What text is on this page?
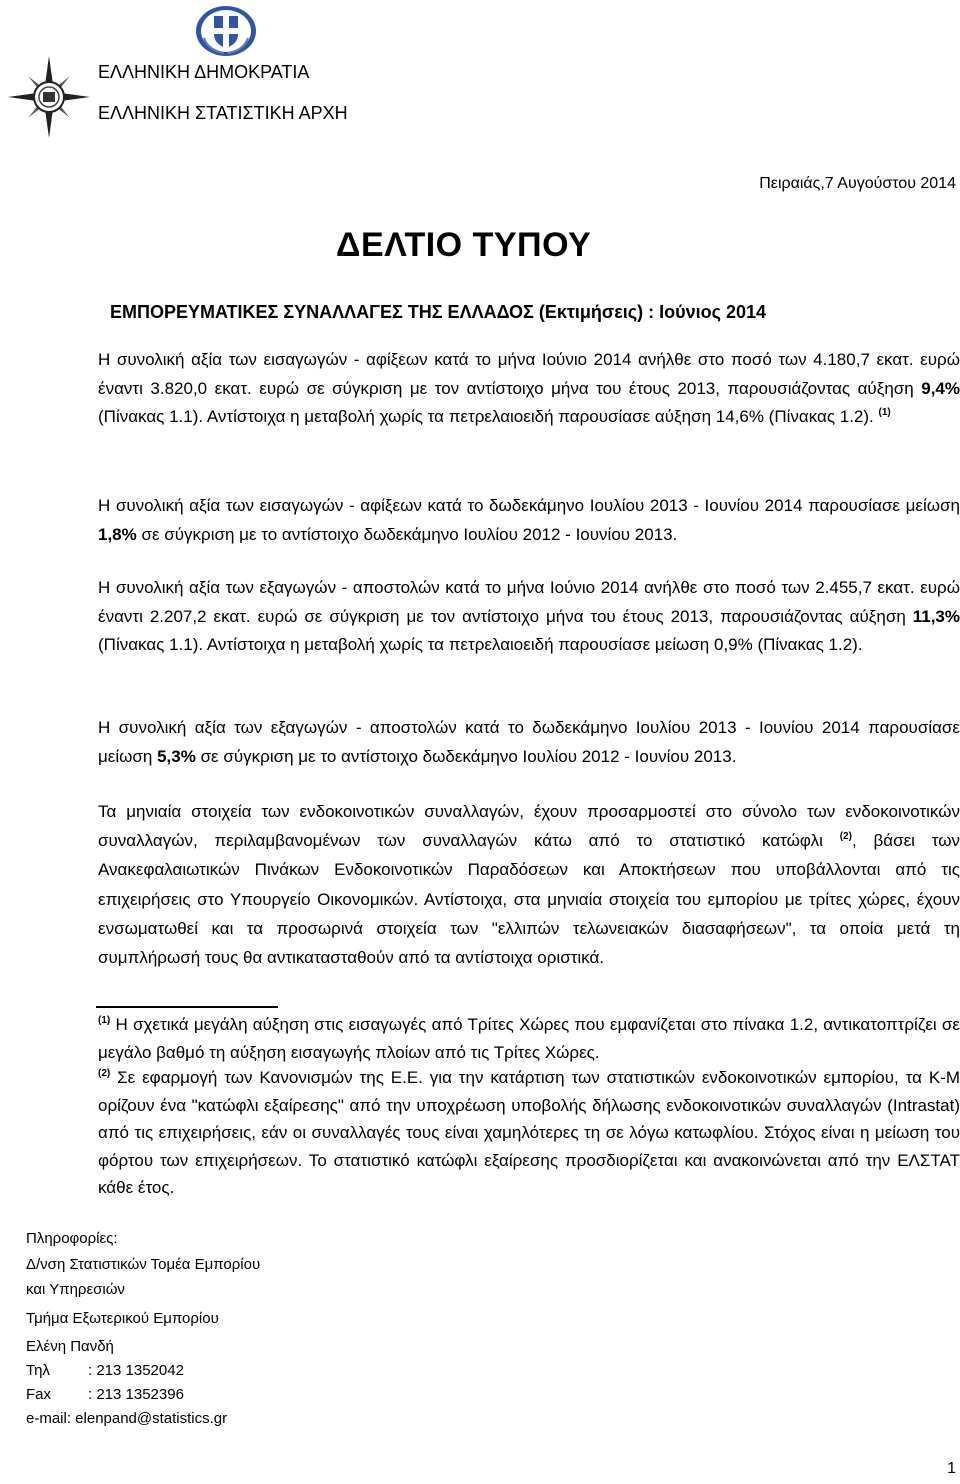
ΕΛΛΗΝΙΚΗ ΔΗΜΟΚΡΑΤΙΑ
ΕΛΛΗΝΙΚΗ ΣΤΑΤΙΣΤΙΚΗ ΑΡΧΗ
Πειραιάς,7 Αυγούστου 2014
ΔΕΛΤΙΟ ΤΥΠΟΥ
ΕΜΠΟΡΕΥΜΑΤΙΚΕΣ ΣΥΝΑΛΛΑΓΕΣ ΤΗΣ ΕΛΛΑΔΟΣ (Εκτιμήσεις) : Ιούνιος 2014
Η συνολική αξία των εισαγωγών - αφίξεων κατά το μήνα Ιούνιο 2014 ανήλθε στο ποσό των 4.180,7 εκατ. ευρώ έναντι 3.820,0 εκατ. ευρώ σε σύγκριση με τον αντίστοιχο μήνα του έτους 2013, παρουσιάζοντας αύξηση 9,4% (Πίνακας 1.1). Αντίστοιχα η μεταβολή χωρίς τα πετρελαιοειδή παρουσίασε αύξηση 14,6% (Πίνακας 1.2). $^{(1)}$
Η συνολική αξία των εισαγωγών - αφίξεων κατά το δωδεκάμηνο Ιουλίου 2013 - Ιουνίου 2014 παρουσίασε μείωση 1,8% σε σύγκριση με το αντίστοιχο δωδεκάμηνο Ιουλίου 2012 - Ιουνίου 2013.
Η συνολική αξία των εξαγωγών - αποστολών κατά το μήνα Ιούνιο 2014 ανήλθε στο ποσό των 2.455,7 εκατ. ευρώ έναντι 2.207,2 εκατ. ευρώ σε σύγκριση με τον αντίστοιχο μήνα του έτους 2013, παρουσιάζοντας αύξηση 11,3% (Πίνακας 1.1). Αντίστοιχα η μεταβολή χωρίς τα πετρελαιοειδή παρουσίασε μείωση 0,9% (Πίνακας 1.2).
Η συνολική αξία των εξαγωγών - αποστολών κατά το δωδεκάμηνο Ιουλίου 2013 - Ιουνίου 2014 παρουσίασε μείωση 5,3% σε σύγκριση με το αντίστοιχο δωδεκάμηνο Ιουλίου 2012 - Ιουνίου 2013.
Τα μηνιαία στοιχεία των ενδοκοινοτικών συναλλαγών, έχουν προσαρμοστεί στο σύνολο των ενδοκοινοτικών συναλλαγών, περιλαμβανομένων των συναλλαγών κάτω από το στατιστικό κατώφλι $^{(2)}$, βάσει των Ανακεφαλαιωτικών Πινάκων Ενδοκοινοτικών Παραδόσεων και Αποκτήσεων που υποβάλλονται από τις επιχειρήσεις στο Υπουργείο Οικονομικών. Αντίστοιχα, στα μηνιαία στοιχεία του εμπορίου με τρίτες χώρες, έχουν ενσωματωθεί και τα προσωρινά στοιχεία των "ελλιπών τελωνειακών διασαφήσεων", τα οποία μετά τη συμπλήρωσή τους θα αντικατασταθούν από τα αντίστοιχα οριστικά.
$^{(1)}$ Η σχετικά μεγάλη αύξηση στις εισαγωγές από Τρίτες Χώρες που εμφανίζεται στο πίνακα 1.2, αντικατοπτρίζει σε μεγάλο βαθμό τη αύξηση εισαγωγής πλοίων από τις Τρίτες Χώρες.
$^{(2)}$ Σε εφαρμογή των Κανονισμών της Ε.Ε. για την κατάρτιση των στατιστικών ενδοκοινοτικών εμπορίου, τα Κ-Μ ορίζουν ένα "κατώφλι εξαίρεσης" από την υποχρέωση υποβολής δήλωσης ενδοκοινοτικών συναλλαγών (Intrastat) από τις επιχειρήσεις, εάν οι συναλλαγές τους είναι χαμηλότερες τη σε λόγω κατωφλίου. Στόχος είναι η μείωση του φόρτου των επιχειρήσεων. Το στατιστικό κατώφλι εξαίρεσης προσδιορίζεται και ανακοινώνεται από την ΕΛΣΤΑΤ κάθε έτος.
Πληροφορίες:
Δ/νση Στατιστικών Τομέα Εμπορίου
και Υπηρεσιών
Τμήμα Εξωτερικού Εμπορίου
Ελένη Πανδή
Τηλ	: 213 1352042
Fax : 213 1352396
e-mail: elenpand@statistics.gr
1
